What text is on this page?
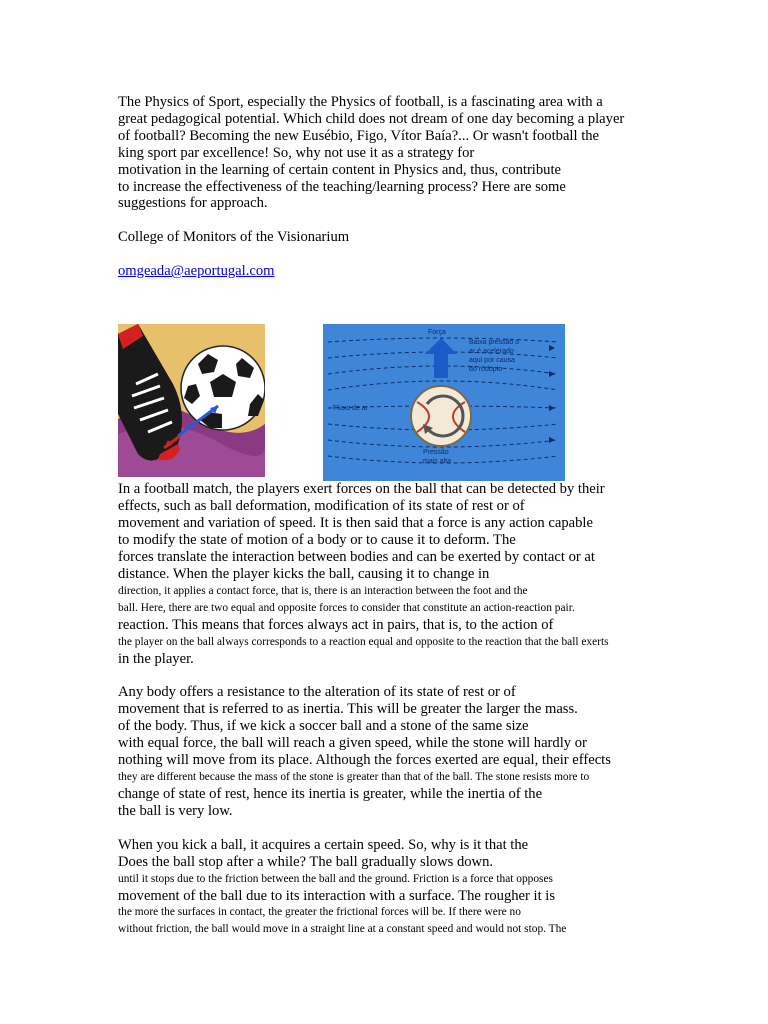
The Physics of Sport, especially the Physics of football, is a fascinating area with a
great pedagogical potential. Which child does not dream of one day becoming a player
of football? Becoming the new Eusébio, Figo, Vítor Baía?... Or wasn't football the
king sport par excellence! So, why not use it as a strategy for
motivation in the learning of certain content in Physics and, thus, contribute
to increase the effectiveness of the teaching/learning process? Here are some
suggestions for approach.
College of Monitors of the Visionarium
omgeada@aeportugal.com
Força
Baixa pressão o
ar é acelerado
aqui por causa
do rodopio
Fluxo de ar
Pressão
mais alta
In a football match, the players exert forces on the ball that can be detected by their
effects, such as ball deformation, modification of its state of rest or of
movement and variation of speed. It is then said that a force is any action capable
to modify the state of motion of a body or to cause it to deform. The
forces translate the interaction between bodies and can be exerted by contact or at
distance. When the player kicks the ball, causing it to change in
direction, it applies a contact force, that is, there is an interaction between the foot and the
ball. Here, there are two equal and opposite forces to consider that constitute an action-reaction pair.
reaction. This means that forces always act in pairs, that is, to the action of
the player on the ball always corresponds to a reaction equal and opposite to the reaction that the ball exerts
in the player.
Any body offers a resistance to the alteration of its state of rest or of
movement that is referred to as inertia. This will be greater the larger the mass.
of the body. Thus, if we kick a soccer ball and a stone of the same size
with equal force, the ball will reach a given speed, while the stone will hardly or
nothing will move from its place. Although the forces exerted are equal, their effects
they are different because the mass of the stone is greater than that of the ball. The stone resists more to
change of state of rest, hence its inertia is greater, while the inertia of the
the ball is very low.
When you kick a ball, it acquires a certain speed. So, why is it that the
Does the ball stop after a while? The ball gradually slows down.
until it stops due to the friction between the ball and the ground. Friction is a force that opposes
movement of the ball due to its interaction with a surface. The rougher it is
the more the surfaces in contact, the greater the frictional forces will be. If there were no
without friction, the ball would move in a straight line at a constant speed and would not stop. The
